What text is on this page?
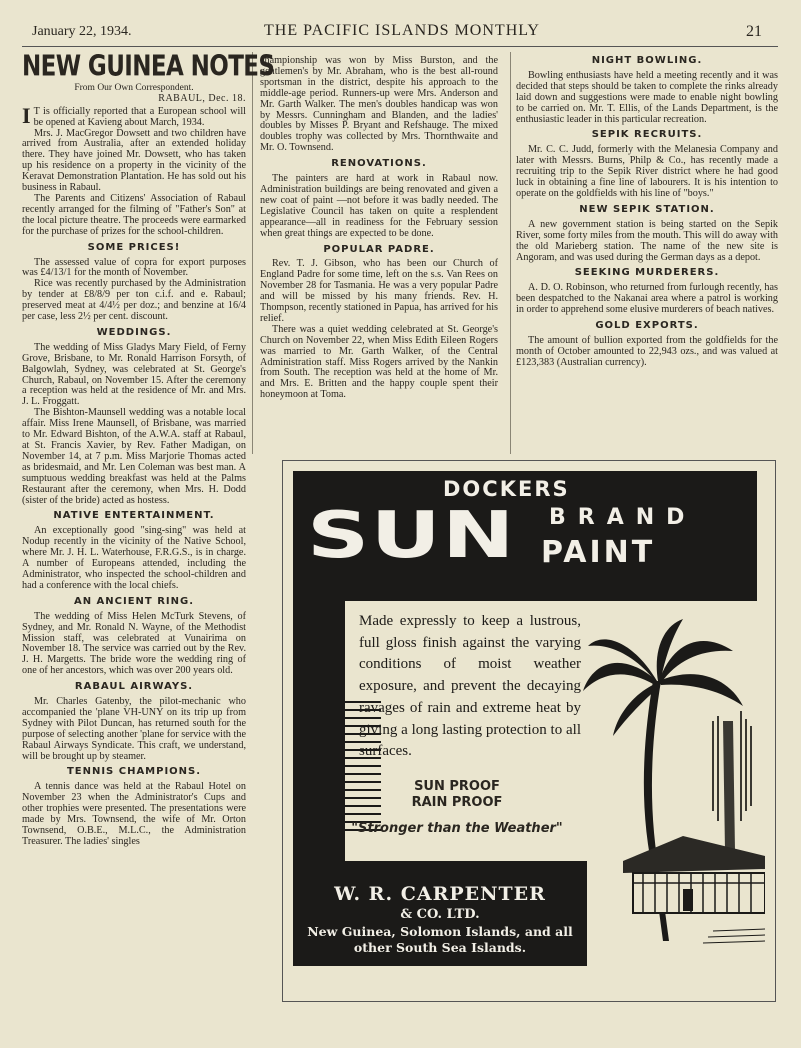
January 22, 1934.	THE PACIFIC ISLANDS MONTHLY	21
NEW GUINEA NOTES
From Our Own Correspondent.
RABAUL, Dec. 18.

I T is officially reported that a European school will be opened at Kavieng about March, 1934.

Mrs. J. MacGregor Dowsett and two children have arrived from Australia, after an extended holiday there. They have joined Mr. Dowsett, who has taken up his residence on a property in the vicinity of the Keravat Demonstration Plantation. He has sold out his business in Rabaul.

The Parents and Citizens' Association of Rabaul recently arranged for the filming of "Father's Son" at the local picture theatre. The proceeds were earmarked for the purchase of prizes for the school-children.

SOME PRICES!

The assessed value of copra for export purposes was £4/13/1 for the month of November.

Rice was recently purchased by the Administration by tender at £8/8/9 per ton c.i.f. and e. Rabaul; preserved meat at 4/4½ per doz.; and benzine at 16/4 per case, less 2½ per cent. discount.

WEDDINGS.

The wedding of Miss Gladys Mary Field, of Ferny Grove, Brisbane, to Mr. Ronald Harrison Forsyth, of Balgowlah, Sydney, was celebrated at St. George's Church, Rabaul, on November 15. After the ceremony a reception was held at the residence of Mr. and Mrs. J. L. Froggatt.

The Bishton-Maunsell wedding was a notable local affair. Miss Irene Maunsell, of Brisbane, was married to Mr. Edward Bishton, of the A.W.A. staff at Rabaul, at St. Francis Xavier, by Rev. Father Madigan, on November 14, at 7 p.m. Miss Marjorie Thomas acted as bridesmaid, and Mr. Len Coleman was best man. A sumptuous wedding breakfast was held at the Palms Restaurant after the ceremony, when Mrs. H. Dodd (sister of the bride) acted as hostess.

NATIVE ENTERTAINMENT.

An exceptionally good "sing-sing" was held at Nodup recently in the vicinity of the Native School, where Mr. J. H. L. Waterhouse, F.R.G.S., is in charge. A number of Europeans attended, including the Administrator, who inspected the school-children and had a conference with the local chiefs.

AN ANCIENT RING.

The wedding of Miss Helen McTurk Stevens, of Sydney, and Mr. Ronald N. Wayne, of the Methodist Mission staff, was celebrated at Vunairima on November 18. The service was carried out by the Rev. J. H. Margetts. The bride wore the wedding ring of one of her ancestors, which was over 200 years old.

RABAUL AIRWAYS.

Mr. Charles Gatenby, the pilot-mechanic who accompanied the 'plane VH-UNY on its trip up from Sydney with Pilot Duncan, has returned south for the purpose of selecting another 'plane for service with the Rabaul Airways Syndicate. This craft, we understand, will be brought up by steamer.

TENNIS CHAMPIONS.

A tennis dance was held at the Rabaul Hotel on November 23 when the Administrator's Cups and other trophies were presented. The presentations were made by Mrs. Townsend, the wife of Mr. Orton Townsend, O.B.E., M.L.C., the Administration Treasurer. The ladies' singles

championship was won by Miss Burston, and the gentlemen's by Mr. Abraham, who is the best all-round sportsman in the district, despite his approach to the middle-age period. Runners-up were Mrs. Anderson and Mr. Garth Walker. The men's doubles handicap was won by Messrs. Cunningham and Blanden, and the ladies' doubles by Misses P. Bryant and Refshauge. The mixed doubles trophy was collected by Mrs. Thornthwaite and Mr. O. Townsend.

RENOVATIONS.

The painters are hard at work in Rabaul now. Administration buildings are being renovated and given a new coat of paint —not before it was badly needed. The Legislative Council has taken on quite a resplendent appearance—all in readiness for the February session when great things are expected to be done.

POPULAR PADRE.

Rev. T. J. Gibson, who has been our Church of England Padre for some time, left on the s.s. Van Rees on November 28 for Tasmania. He was a very popular Padre and will be missed by his many friends. Rev. H. Thompson, recently stationed in Papua, has arrived for his relief.

There was a quiet wedding celebrated at St. George's Church on November 22, when Miss Edith Eileen Rogers was married to Mr. Garth Walker, of the Central Administration staff. Miss Rogers arrived by the Nankin from South. The reception was held at the home of Mr. and Mrs. E. Britten and the happy couple spent their honeymoon at Toma.

NIGHT BOWLING.

Bowling enthusiasts have held a meeting recently and it was decided that steps should be taken to complete the rinks already laid down and suggestions were made to enable night bowling to be carried on. Mr. T. Ellis, of the Lands Department, is the enthusiastic leader in this particular recreation.

SEPIK RECRUITS.

Mr. C. C. Judd, formerly with the Melanesia Company and later with Messrs. Burns, Philp & Co., has recently made a recruiting trip to the Sepik River district where he had good luck in obtaining a fine line of labourers. It is his intention to operate on the goldfields with his line of "boys."

NEW SEPIK STATION.

A new government station is being started on the Sepik River, some forty miles from the mouth. This will do away with the old Marieberg station. The name of the new site is Angoram, and was used during the German days as a depot.

SEEKING MURDERERS.

A. D. O. Robinson, who returned from furlough recently, has been despatched to the Nakanai area where a patrol is working in order to apprehend some elusive murderers of beach natives.

GOLD EXPORTS.

The amount of bullion exported from the goldfields for the month of October amounted to 22,943 ozs., and was valued at £123,383 (Australian currency).

DOCKERS
SUN BRAND
PAINT
Made expressly to keep a lustrous, full gloss finish against the varying conditions of moist weather exposure, and prevent the decaying ravages of rain and extreme heat by giving a long lasting protection to all surfaces.
SUN PROOF
RAIN PROOF
"Stronger than the Weather"
W. R. CARPENTER
& CO. LTD.
New Guinea, Solomon Islands, and all other South Sea Islands.
